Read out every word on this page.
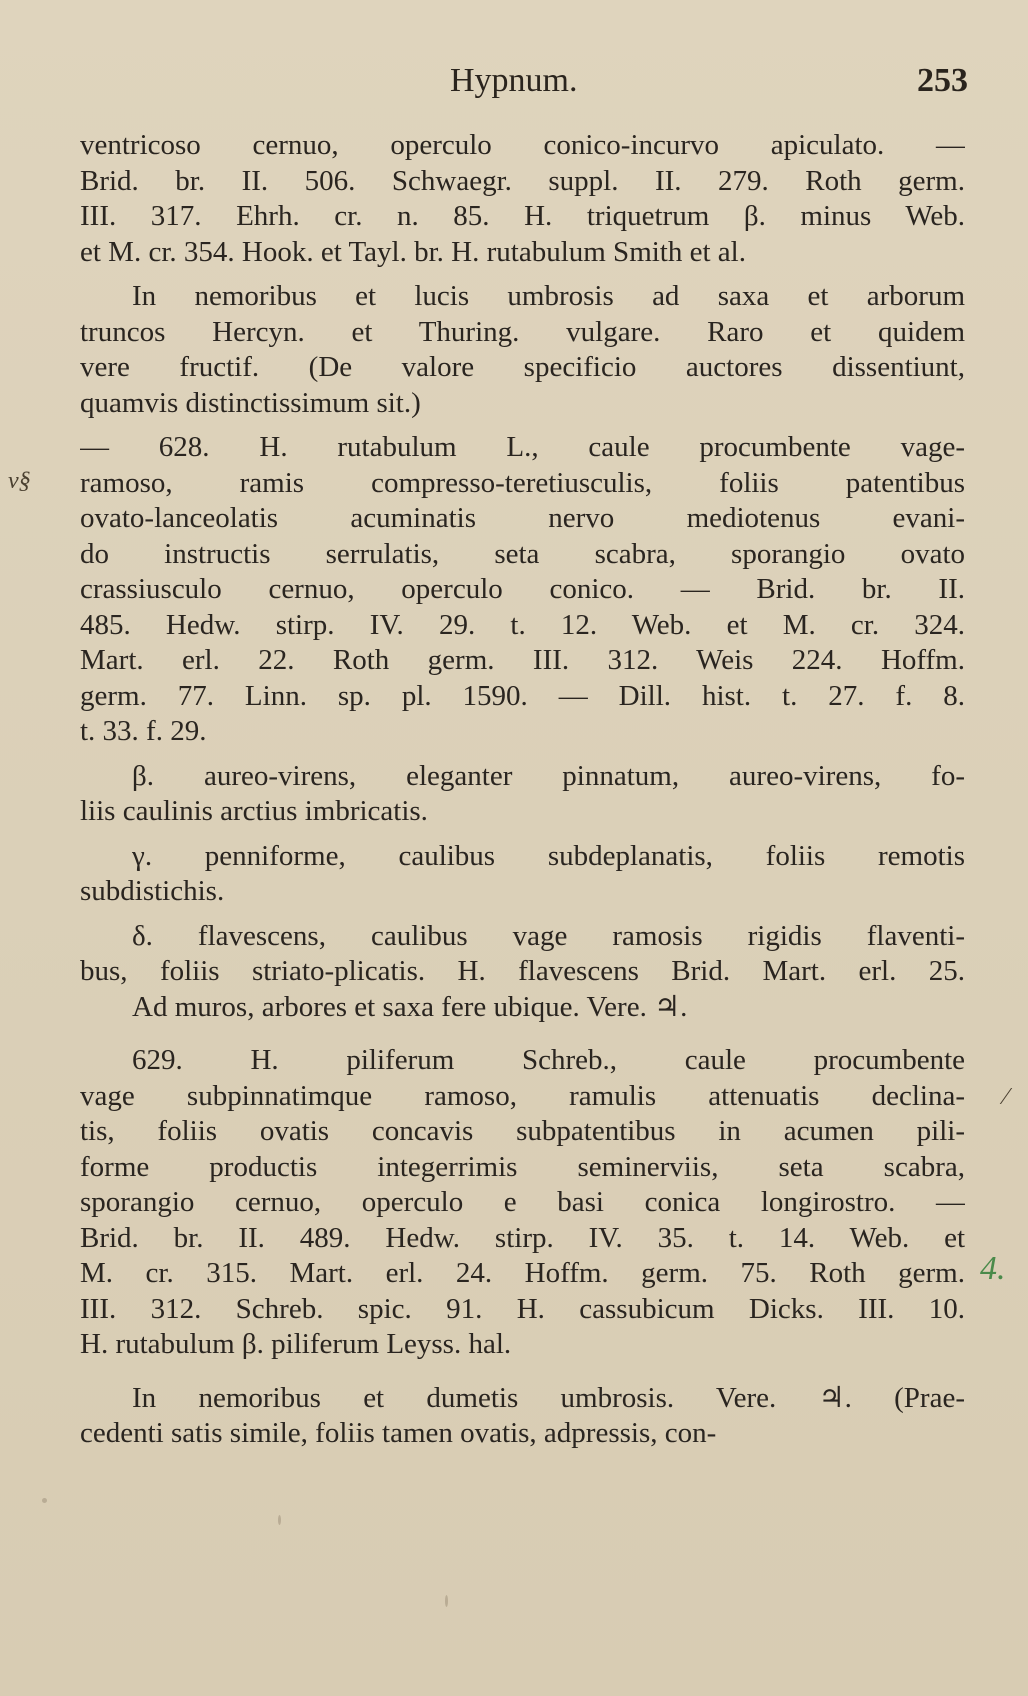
Hypnum.	253
v§
⁄
4.
ventricoso cernuo, operculo conico-incurvo apiculato. —
Brid. br. II. 506. Schwaegr. suppl. II. 279. Roth germ.
III. 317. Ehrh. cr. n. 85. H. triquetrum β. minus Web.
et M. cr. 354. Hook. et Tayl. br. H. rutabulum Smith et al.
In nemoribus et lucis umbrosis ad saxa et arborum
truncos Hercyn. et Thuring. vulgare. Raro et quidem
vere fructif. (De valore specificio auctores dissentiunt,
quamvis distinctissimum sit.)
— 628. H. rutabulum L., caule procumbente vage-
ramoso, ramis compresso-teretiusculis, foliis patentibus
ovato-lanceolatis acuminatis nervo mediotenus evani-
do instructis serrulatis, seta scabra, sporangio ovato
crassiusculo cernuo, operculo conico. — Brid. br. II.
485. Hedw. stirp. IV. 29. t. 12. Web. et M. cr. 324.
Mart. erl. 22. Roth germ. III. 312. Weis 224. Hoffm.
germ. 77. Linn. sp. pl. 1590. — Dill. hist. t. 27. f. 8.
t. 33. f. 29.
β. aureo-virens, eleganter pinnatum, aureo-virens, fo-
liis caulinis arctius imbricatis.
γ. penniforme, caulibus subdeplanatis, foliis remotis
subdistichis.
δ. flavescens, caulibus vage ramosis rigidis flaventi-
bus, foliis striato-plicatis. H. flavescens Brid. Mart. erl. 25.
Ad muros, arbores et saxa fere ubique. Vere. ♃.
629. H. piliferum Schreb., caule procumbente
vage subpinnatimque ramoso, ramulis attenuatis declina-
tis, foliis ovatis concavis subpatentibus in acumen pili-
forme productis integerrimis seminerviis, seta scabra,
sporangio cernuo, operculo e basi conica longirostro. —
Brid. br. II. 489. Hedw. stirp. IV. 35. t. 14. Web. et
M. cr. 315. Mart. erl. 24. Hoffm. germ. 75. Roth germ.
III. 312. Schreb. spic. 91. H. cassubicum Dicks. III. 10.
H. rutabulum β. piliferum Leyss. hal.
In nemoribus et dumetis umbrosis. Vere. ♃. (Prae-
cedenti satis simile, foliis tamen ovatis, adpressis, con-
